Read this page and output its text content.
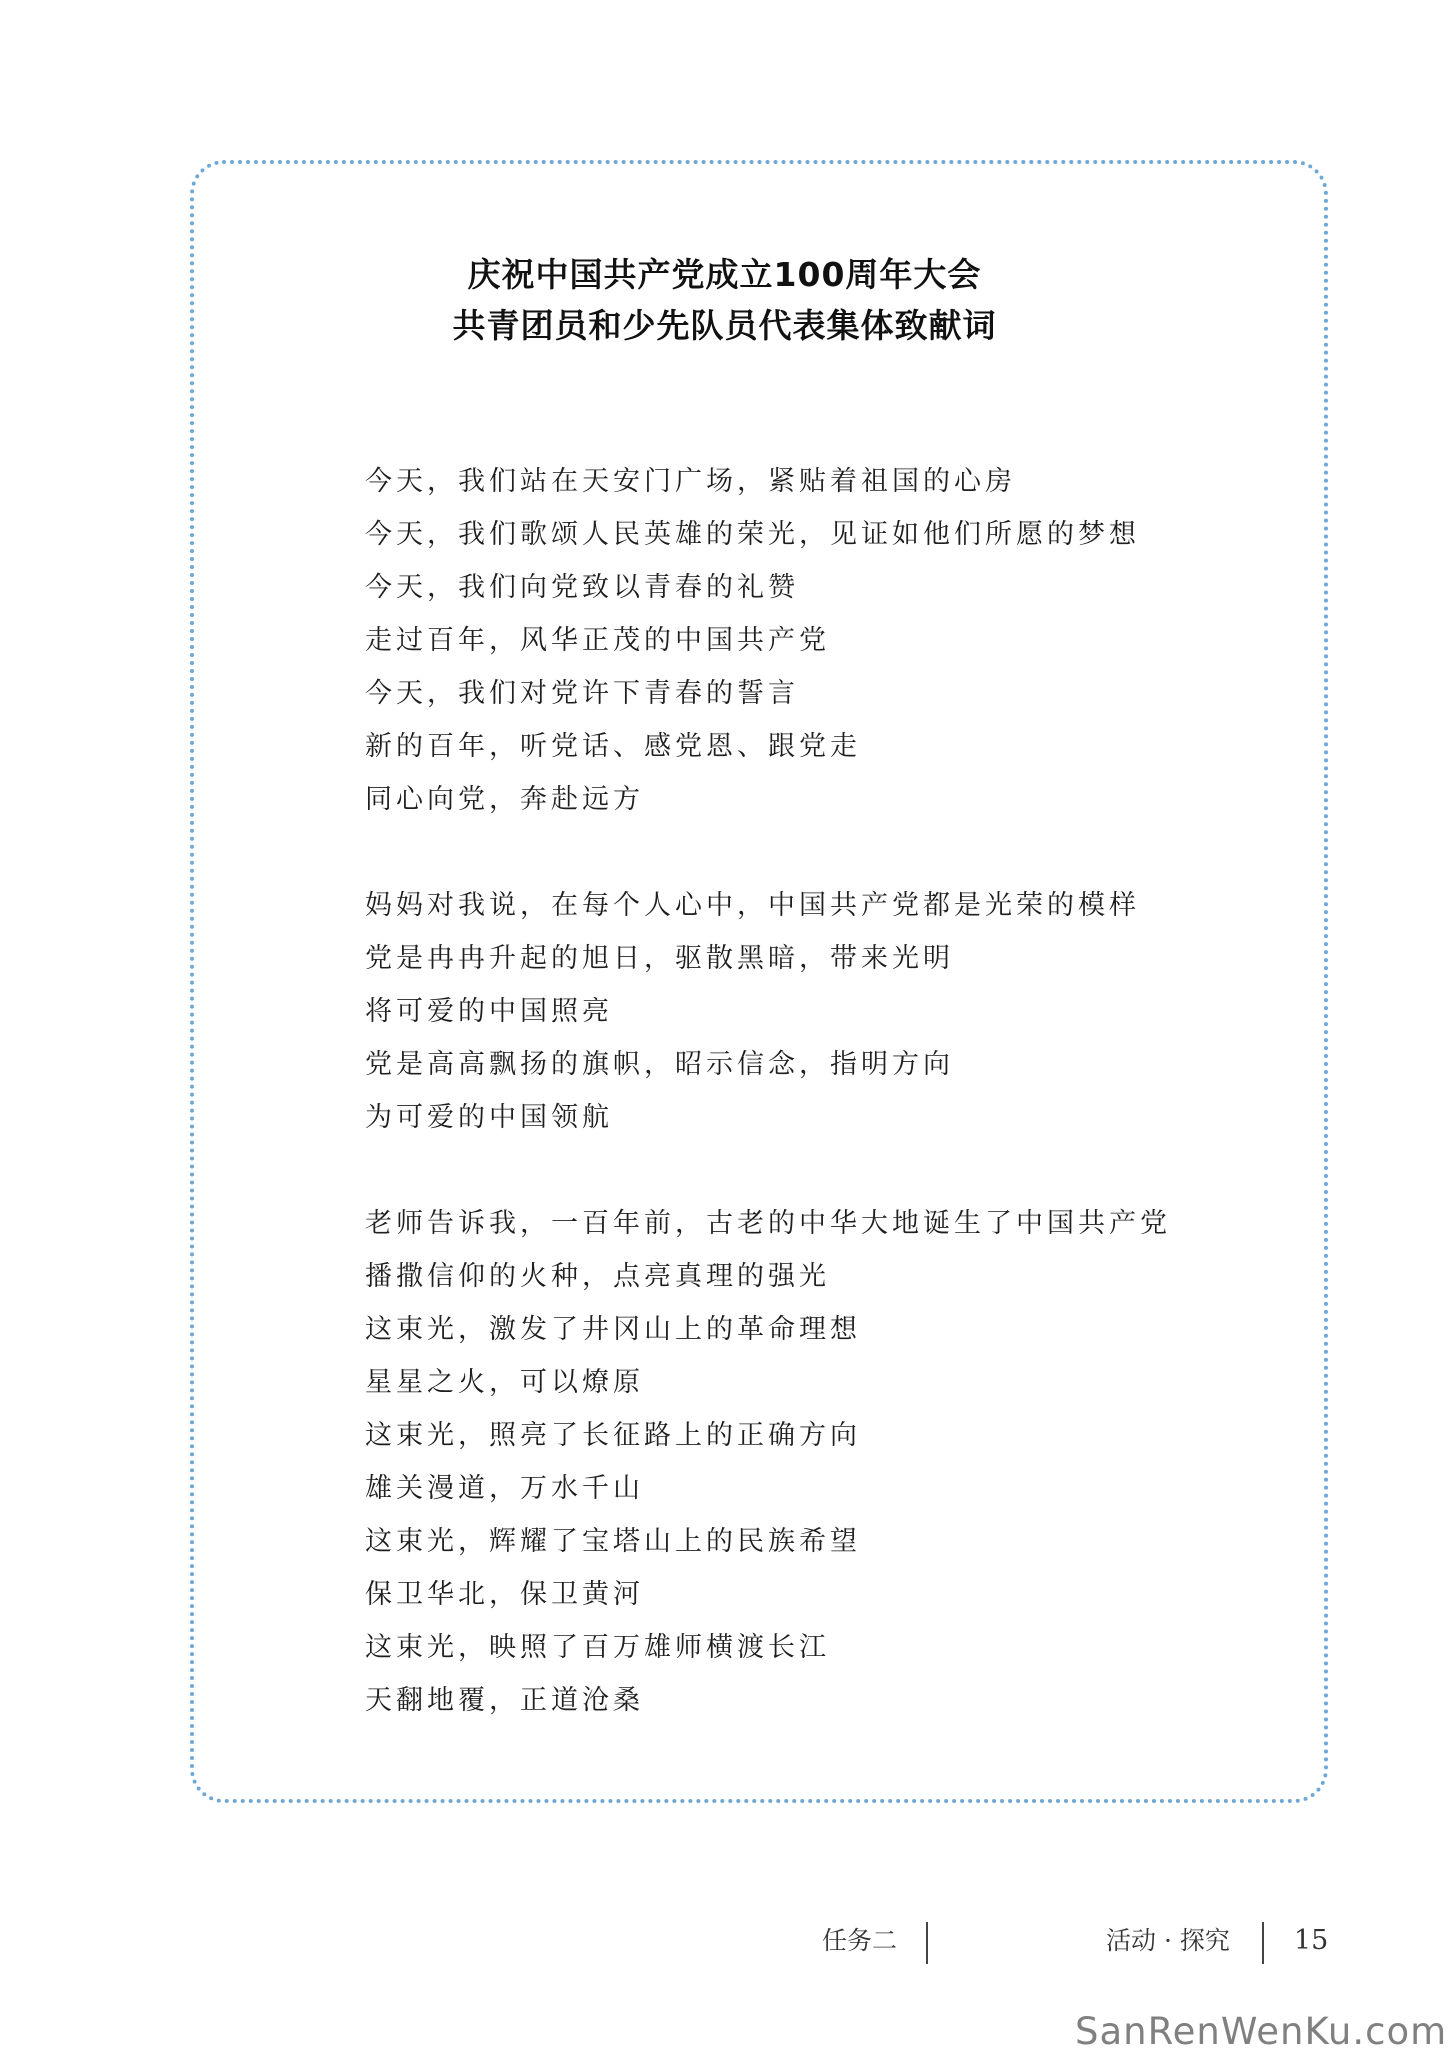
庆祝中国共产党成立100周年大会
共青团员和少先队员代表集体致献词
今天，我们站在天安门广场，紧贴着祖国的心房
今天，我们歌颂人民英雄的荣光，见证如他们所愿的梦想
今天，我们向党致以青春的礼赞
走过百年，风华正茂的中国共产党
今天，我们对党许下青春的誓言
新的百年，听党话、感党恩、跟党走
同心向党，奔赴远方
妈妈对我说，在每个人心中，中国共产党都是光荣的模样
党是冉冉升起的旭日，驱散黑暗，带来光明
将可爱的中国照亮
党是高高飘扬的旗帜，昭示信念，指明方向
为可爱的中国领航
老师告诉我，一百年前，古老的中华大地诞生了中国共产党
播撒信仰的火种，点亮真理的强光
这束光，激发了井冈山上的革命理想
星星之火，可以燎原
这束光，照亮了长征路上的正确方向
雄关漫道，万水千山
这束光，辉耀了宝塔山上的民族希望
保卫华北，保卫黄河
这束光，映照了百万雄师横渡长江
天翻地覆，正道沧桑
任务二	活动 · 探究 15
SanRenWenKu.com
